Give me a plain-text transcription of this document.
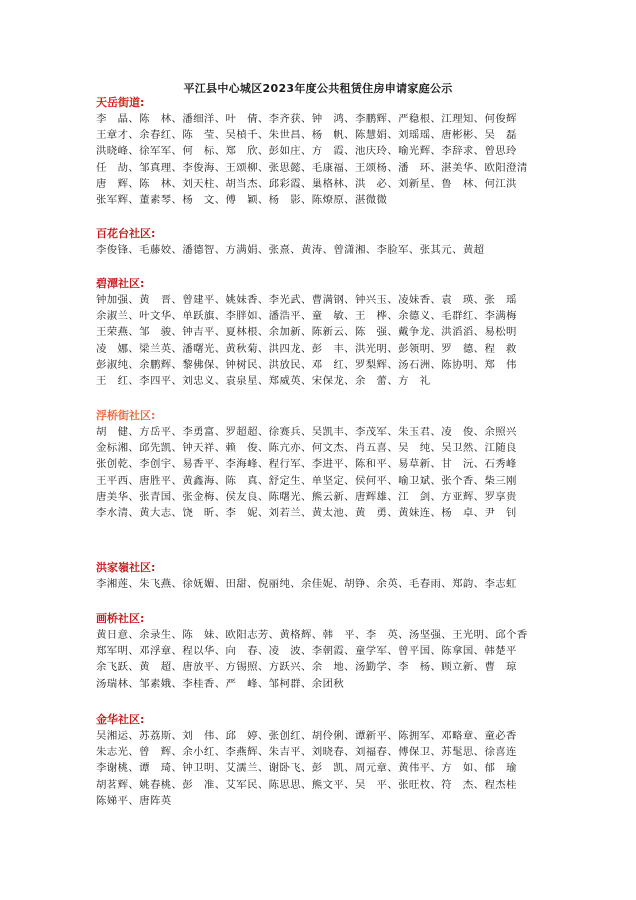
平江县中心城区2023年度公共租赁住房申请家庭公示
天岳街道:
李　晶、陈　林、潘细洋、叶　倩、李齐获、钟　鸿、李鹏辉、严稳根、江理知、何俊辉
王章才、余春红、陈　莹、吴楨千、朱世昌、杨　帆、陈慧娟、刘瑶瑶、唐彬彬、吴　磊
洪晓峰、徐军军、何　标、郑　欣、彭如庄、方　霞、池庆玲、喻光辉、李辞求、曾思玲
任　劼、邹真理、李俊海、王颂柳、张思懿、毛康福、王颂杨、潘　环、湛美华、欧阳澄清
唐　辉、陈　林、刘天柱、胡当杰、邱彩霞、巢格林、洪　必、刘新星、鲁　林、何江洪
张军辉、董素琴、杨　文、傅　颖、杨　影、陈燎原、湛微微
百花台社区:
李俊锋、毛藤姣、潘德智、方满娟、张熹、黄涛、曾潇湘、李脸军、张其元、黄超
碧潭社区:
钟加强、黄　晋、曾建平、姚妹香、李光武、曹满钢、钟兴玉、凌妹香、袁　瑛、张　瑶
余淑兰、叶文华、单跃旗、李胖如、潘浩平、童　敏、王　桦、余德义、毛群红、李满梅
王荣燕、邹　骏、钟吉平、夏林根、余加新、陈新云、陈　强、戴争龙、洪滔滔、易松明
凌　娜、梁兰英、潘曙光、黄秋菊、洪四龙、彭　丰、洪光明、彭领明、罗　德、程　救
彭淑纯、余鹏辉、黎佛保、钟树民、洪放民、邓　红、罗梨辉、汤石洲、陈协明、郑　伟
王　红、李四平、刘忠义、袁泉星、郑威英、宋保龙、余　蕾、方　礼
浮桥街社区:
胡　健、方岳平、李勇富、罗超超、徐赛兵、吴凯丰、李茂军、朱玉君、凌　俊、余照兴
金标湘、邱先凯、钟天祥、赖　俊、陈亢亦、何文杰、肖五喜、吴　纯、吴卫然、江随良
张创乾、李创宇、易香平、李海峰、程行军、李进平、陈和平、易草新、甘　沅、石秀峰
王平西、唐胜平、黄鑫海、陈　真、舒定生、单坚定、侯何平、喻卫斌、张个香、柴三刚
唐美华、张青国、张金梅、侯友良、陈曙光、熊云新、唐辉雄、江　剑、方亚辉、罗享贵
李水清、黄大志、饶　昕、李　妮、刘若兰、黄太池、黄　勇、黄妹连、杨　卓、尹　钊
洪家嶺社区:
李湘莲、朱飞燕、徐妩媚、田甜、倪丽纯、余佳妮、胡铮、余英、毛春雨、郑韵、李志虹
画桥社区:
黄日意、余录生、陈　妹、欧阳志芳、黄格辉、韩　平、李　英、汤坚强、王光明、邱个香
郑军明、邓浮章、程以华、向　春、凌　波、李朝霞、童学军、曾平国、陈拿国、韩楚平
余飞跃、黄　超、唐放平、方锡照、方跃兴、余　地、汤勤学、李　杨、顾立新、曹　琼
汤瑞林、邹素娥、李桂香、严　峰、邹柯群、余团秋
金华社区:
吴湘运、苏荔斯、刘　伟、邱　婷、张创红、胡伶俐、谭新平、陈拥军、邓略章、童必香
朱志光、曾　辉、余小红、李燕辉、朱吉平、刘晓春、刘福春、傅保卫、苏髦思、徐喜连
李谢桃、谭　琦、钟卫明、艾濡兰、谢卧飞、彭　凯、周元章、黄伟平、方　如、郁　瑜
胡茗辉、姚春桃、彭　准、艾军民、陈思思、熊文平、吴　平、张旺枚、符　杰、程杰桂
陈娣平、唐阵英
